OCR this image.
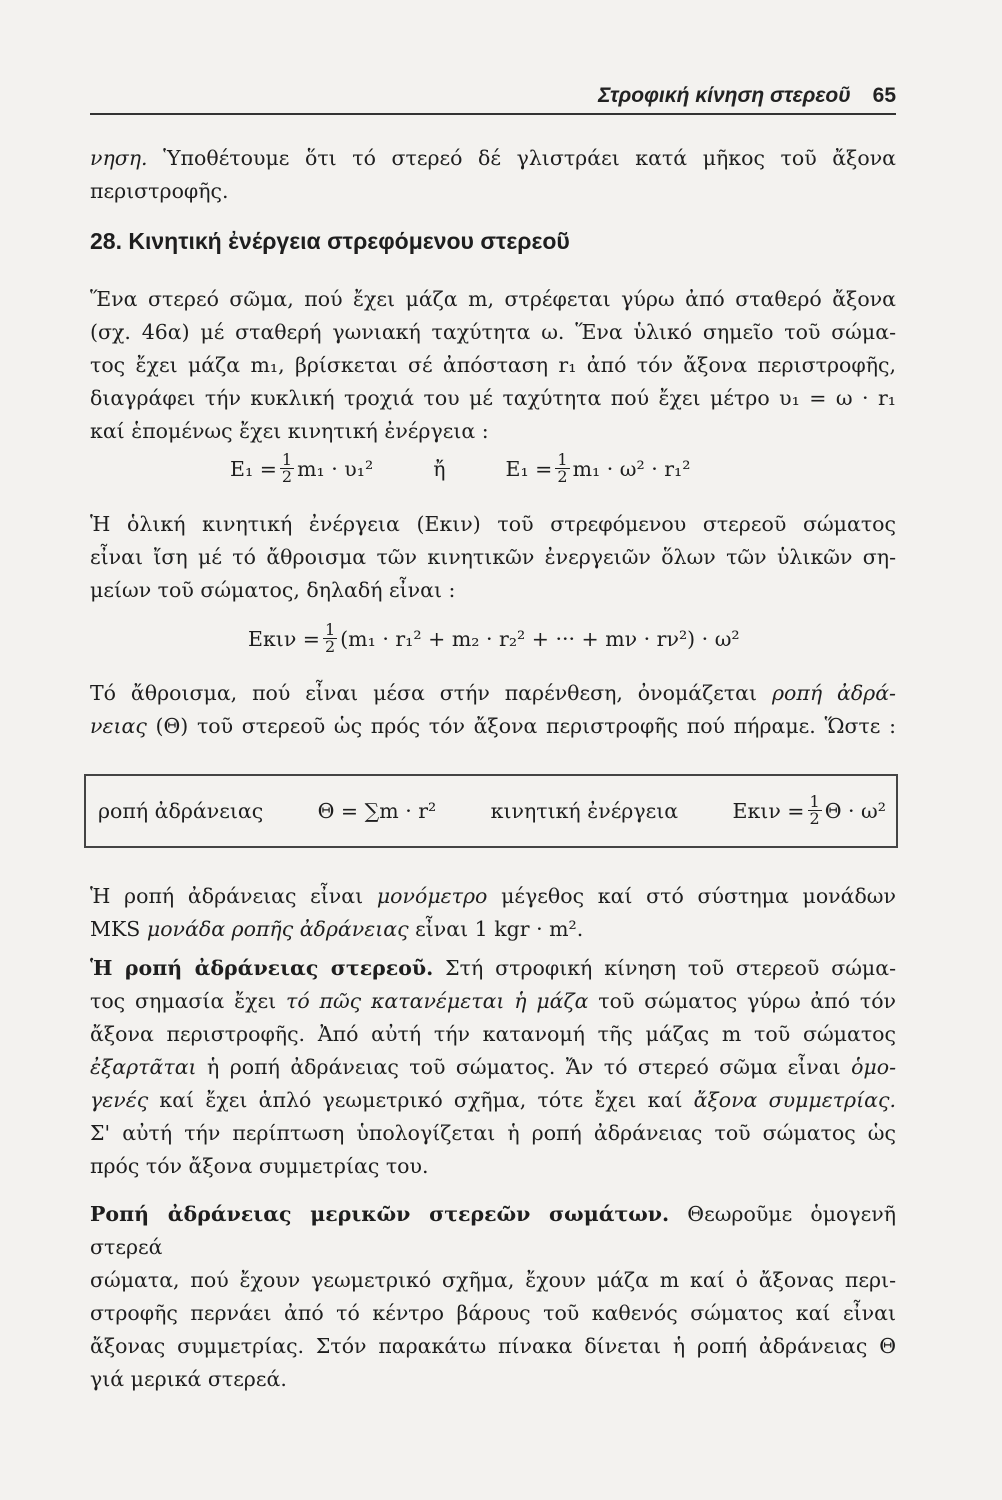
Στροφική κίνηση στερεοῦ 65
νηση. Ὑποθέτουμε ὅτι τό στερεό δέ γλιστράει κατά μῆκος τοῦ ἄξονα
περιστροφῆς.
28. Κινητική ἐνέργεια στρεφόμενου στερεοῦ
Ἕνα στερεό σῶμα, πού ἔχει μάζα m, στρέφεται γύρω ἀπό σταθερό ἄξονα
(σχ. 46α) μέ σταθερή γωνιακή ταχύτητα ω. Ἕνα ὑλικό σημεῖο τοῦ σώμα-
τος ἔχει μάζα m₁, βρίσκεται σέ ἀπόσταση r₁ ἀπό τόν ἄξονα περιστροφῆς,
διαγράφει τήν κυκλική τροχιά του μέ ταχύτητα πού ἔχει μέτρο υ₁ = ω · r₁
καί ἑπομένως ἔχει κινητική ἐνέργεια :
$E_1 = \frac{1}{2} m_1 \cdot \upsilon_1^2$	ἤ	$E_1 = \frac{1}{2} m_1 \cdot \omega^2 \cdot r_1^2$
Ἡ ὁλική κινητική ἐνέργεια (Eκιν) τοῦ στρεφόμενου στερεοῦ σώματος
εἶναι ἴση μέ τό ἄθροισμα τῶν κινητικῶν ἐνεργειῶν ὅλων τῶν ὑλικῶν ση-
μείων τοῦ σώματος, δηλαδή εἶναι :
$E\kappa\iota\nu = \frac{1}{2} (m_1 \cdot r_1^2 + m_2 \cdot r_2^2$ + ··· + mν · rν²) · ω²
Τό ἄθροισμα, πού εἶναι μέσα στήν παρένθεση, ὀνομάζεται ροπή ἀδρά-
νειας (Θ) τοῦ στερεοῦ ὡς πρός τόν ἄξονα περιστροφῆς πού πήραμε. Ὥστε :
ροπή ἀδράνειας	Θ = ∑m · r²	κινητική ἐνέργεια	$E\kappa\iota\nu = \frac{1}{2}$ Θ · ω²
Ἡ ροπή ἀδράνειας εἶναι μονόμετρο μέγεθος καί στό σύστημα μονάδων
MKS μονάδα ροπῆς ἀδράνειας εἶναι 1 kgr · m².
Ἡ ροπή ἀδράνειας στερεοῦ. Στή στροφική κίνηση τοῦ στερεοῦ σώμα-
τος σημασία ἔχει τό πῶς κατανέμεται ἡ μάζα τοῦ σώματος γύρω ἀπό τόν
ἄξονα περιστροφῆς. Ἀπό αὐτή τήν κατανομή τῆς μάζας m τοῦ σώματος
ἐξαρτᾶται ἡ ροπή ἀδράνειας τοῦ σώματος. Ἄν τό στερεό σῶμα εἶναι ὁμο-
γενές καί ἔχει ἁπλό γεωμετρικό σχῆμα, τότε ἔχει καί ἄξονα συμμετρίας.
Σ' αὐτή τήν περίπτωση ὑπολογίζεται ἡ ροπή ἀδράνειας τοῦ σώματος ὡς
πρός τόν ἄξονα συμμετρίας του.
Ροπή ἀδράνειας μερικῶν στερεῶν σωμάτων. Θεωροῦμε ὁμογενῆ στερεά
σώματα, πού ἔχουν γεωμετρικό σχῆμα, ἔχουν μάζα m καί ὁ ἄξονας περι-
στροφῆς περνάει ἀπό τό κέντρο βάρους τοῦ καθενός σώματος καί εἶναι
ἄξονας συμμετρίας. Στόν παρακάτω πίνακα δίνεται ἡ ροπή ἀδράνειας Θ
γιά μερικά στερεά.
